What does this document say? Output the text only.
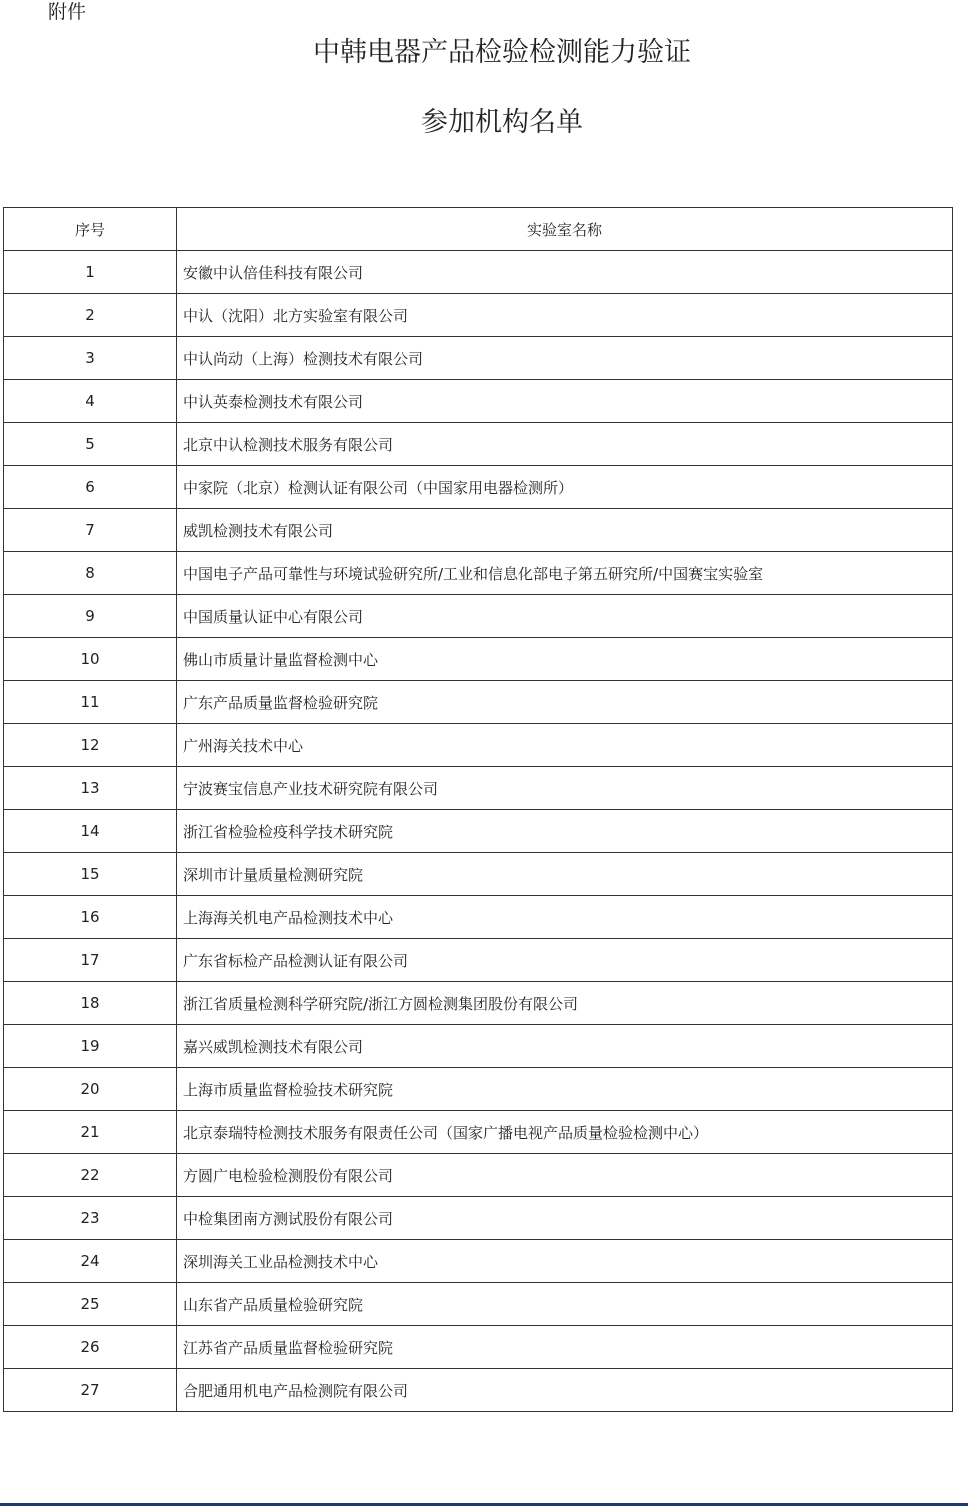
附件
中韩电器产品检验检测能力验证
参加机构名单
序号	实验室名称
1	安徽中认倍佳科技有限公司
2	中认（沈阳）北方实验室有限公司
3	中认尚动（上海）检测技术有限公司
4	中认英泰检测技术有限公司
5	北京中认检测技术服务有限公司
6	中家院（北京）检测认证有限公司（中国家用电器检测所）
7	威凯检测技术有限公司
8	中国电子产品可靠性与环境试验研究所/工业和信息化部电子第五研究所/中国赛宝实验室
9	中国质量认证中心有限公司
10	佛山市质量计量监督检测中心
11	广东产品质量监督检验研究院
12	广州海关技术中心
13	宁波赛宝信息产业技术研究院有限公司
14	浙江省检验检疫科学技术研究院
15	深圳市计量质量检测研究院
16	上海海关机电产品检测技术中心
17	广东省标检产品检测认证有限公司
18	浙江省质量检测科学研究院/浙江方圆检测集团股份有限公司
19	嘉兴威凯检测技术有限公司
20	上海市质量监督检验技术研究院
21	北京泰瑞特检测技术服务有限责任公司（国家广播电视产品质量检验检测中心）
22	方圆广电检验检测股份有限公司
23	中检集团南方测试股份有限公司
24	深圳海关工业品检测技术中心
25	山东省产品质量检验研究院
26	江苏省产品质量监督检验研究院
27	合肥通用机电产品检测院有限公司
